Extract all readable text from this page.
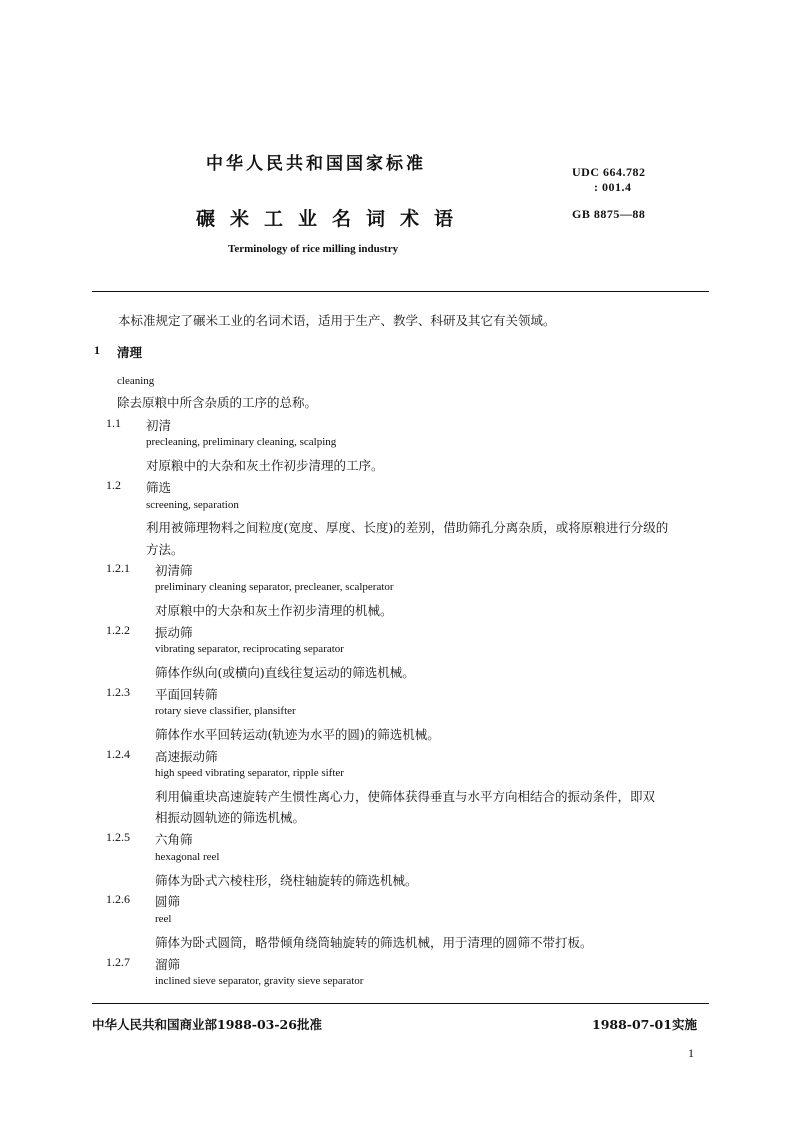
中华人民共和国国家标准	UDC 664.782
: 001.4
碾米工业名词术语	GB 8875—88
Terminology of rice milling industry
本标准规定了碾米工业的名词术语，适用于生产、教学、科研及其它有关领域。
1 清理
cleaning
除去原粮中所含杂质的工序的总称。
1.1 初清
precleaning, preliminary cleaning, scalping
对原粮中的大杂和灰土作初步清理的工序。
1.2 筛选
screening, separation
利用被筛理物料之间粒度(宽度、厚度、长度)的差别，借助筛孔分离杂质，或将原粮进行分级的
方法。
1.2.1 初清筛
preliminary cleaning separator, precleaner, scalperator
对原粮中的大杂和灰土作初步清理的机械。
1.2.2 振动筛
vibrating separator, reciprocating separator
筛体作纵向(或横向)直线往复运动的筛选机械。
1.2.3 平面回转筛
rotary sieve classifier, plansifter
筛体作水平回转运动(轨迹为水平的圆)的筛选机械。
1.2.4 高速振动筛
high speed vibrating separator, ripple sifter
利用偏重块高速旋转产生惯性离心力，使筛体获得垂直与水平方向相结合的振动条件，即双
相振动圆轨迹的筛选机械。
1.2.5 六角筛
hexagonal reel
筛体为卧式六棱柱形，绕柱轴旋转的筛选机械。
1.2.6 圆筛
reel
筛体为卧式圆筒，略带倾角绕筒轴旋转的筛选机械，用于清理的圆筛不带打板。
1.2.7 溜筛
inclined sieve separator, gravity sieve separator
中华人民共和国商业部1988-03-26批准	1988-07-01实施
1
